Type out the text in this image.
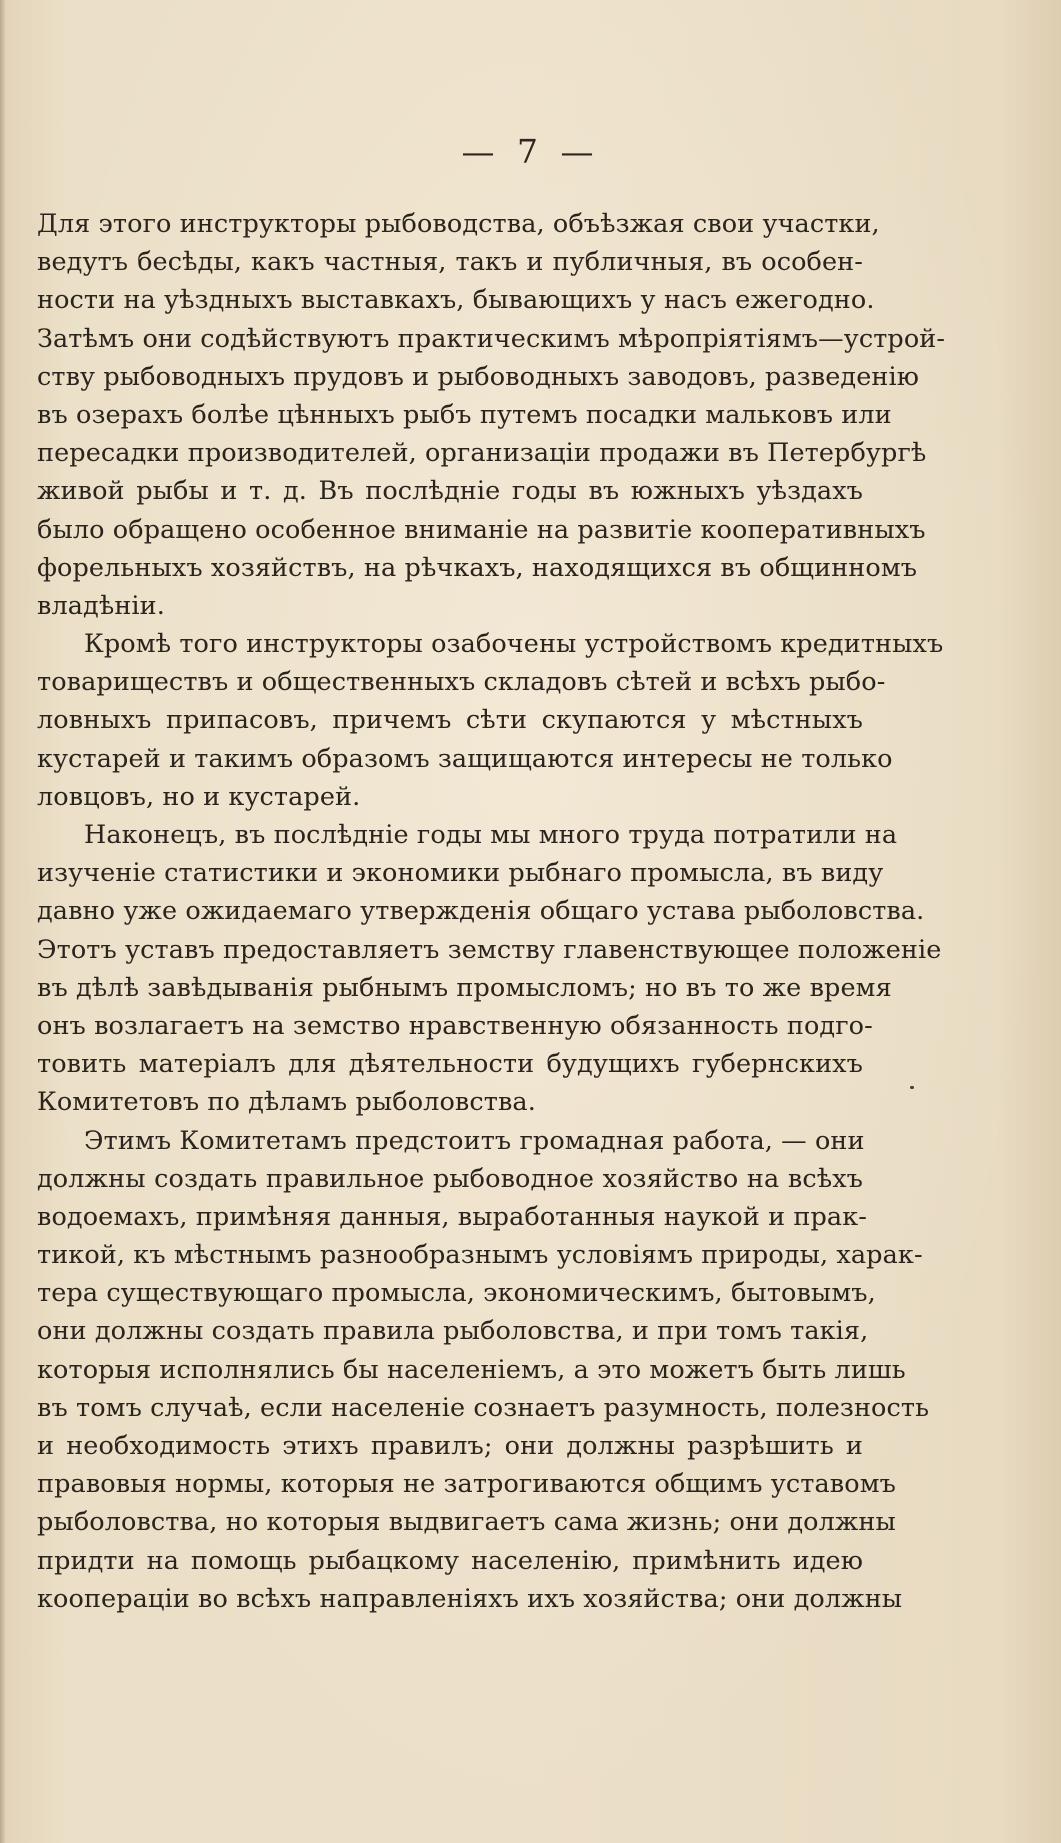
— 7 —
Для этого инструкторы рыбоводства, объѣзжая свои участки,
ведутъ бесѣды, какъ частныя, такъ и публичныя, въ особен-
ности на уѣздныхъ выставкахъ, бывающихъ у насъ ежегодно.
Затѣмъ они содѣйствуютъ практическимъ мѣропріятіямъ—устрой-
ству рыбоводныхъ прудовъ и рыбоводныхъ заводовъ, разведенію
въ озерахъ болѣе цѣнныхъ рыбъ путемъ посадки мальковъ или
пересадки производителей, организаціи продажи въ Петербургѣ
живой рыбы и т. д. Въ послѣдніе годы въ южныхъ уѣздахъ
было обращено особенное вниманіе на развитіе кооперативныхъ
форельныхъ хозяйствъ, на рѣчкахъ, находящихся въ общинномъ
владѣніи.
Кромѣ того инструкторы озабочены устройствомъ кредитныхъ
товариществъ и общественныхъ складовъ сѣтей и всѣхъ рыбо-
ловныхъ припасовъ, причемъ сѣти скупаются у мѣстныхъ
кустарей и такимъ образомъ защищаются интересы не только
ловцовъ, но и кустарей.
Наконецъ, въ послѣдніе годы мы много труда потратили на
изученіе статистики и экономики рыбнаго промысла, въ виду
давно уже ожидаемаго утвержденія общаго устава рыболовства.
Этотъ уставъ предоставляетъ земству главенствующее положеніе
въ дѣлѣ завѣдыванія рыбнымъ промысломъ; но въ то же время
онъ возлагаетъ на земство нравственную обязанность подго-
товить матеріалъ для дѣятельности будущихъ губернскихъ
Комитетовъ по дѣламъ рыболовства.
Этимъ Комитетамъ предстоитъ громадная работа, — они
должны создать правильное рыбоводное хозяйство на всѣхъ
водоемахъ, примѣняя данныя, выработанныя наукой и прак-
тикой, къ мѣстнымъ разнообразнымъ условіямъ природы, харак-
тера существующаго промысла, экономическимъ, бытовымъ,
они должны создать правила рыболовства, и при томъ такія,
которыя исполнялись бы населеніемъ, а это можетъ быть лишь
въ томъ случаѣ, если населеніе сознаетъ разумность, полезность
и необходимость этихъ правилъ; они должны разрѣшить и
правовыя нормы, которыя не затрогиваются общимъ уставомъ
рыболовства, но которыя выдвигаетъ сама жизнь; они должны
придти на помощь рыбацкому населенію, примѣнить идею
коопераціи во всѣхъ направленіяхъ ихъ хозяйства; они должны
